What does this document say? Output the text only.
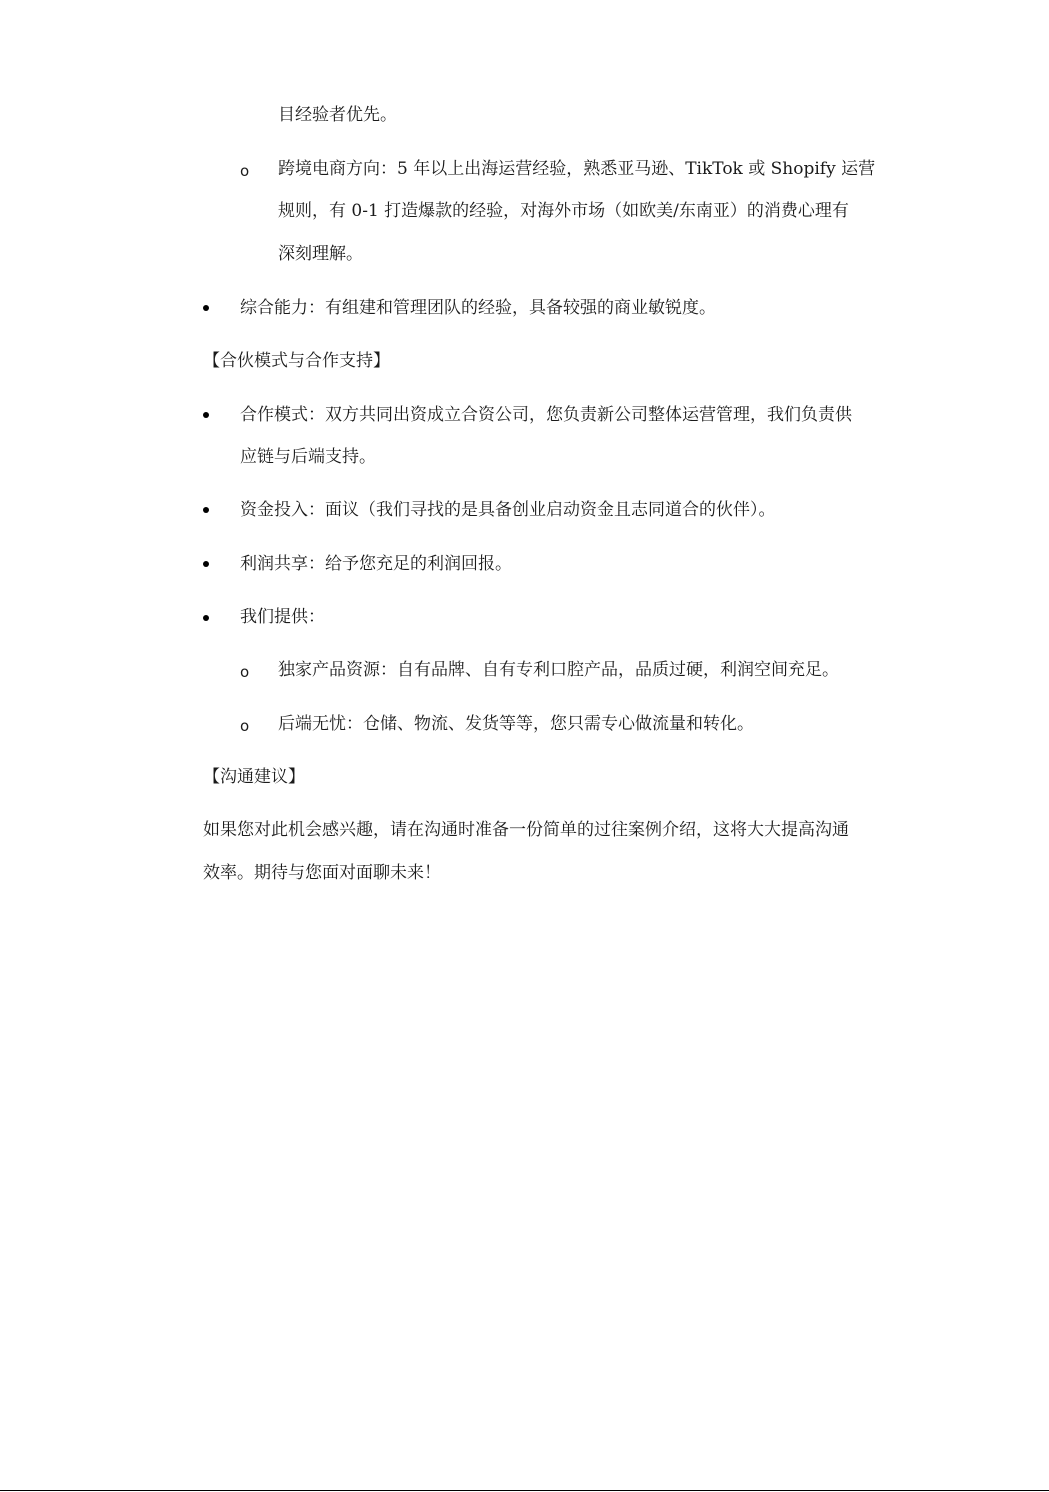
目经验者优先。
o 跨境电商方向：5 年以上出海运营经验，熟悉亚马逊、TikTok 或 Shopify 运营
规则，有 0-1 打造爆款的经验，对海外市场（如欧美/东南亚）的消费心理有
深刻理解。
综合能力：有组建和管理团队的经验，具备较强的商业敏锐度。
【合伙模式与合作支持】
合作模式：双方共同出资成立合资公司，您负责新公司整体运营管理，我们负责供
应链与后端支持。
资金投入：面议（我们寻找的是具备创业启动资金且志同道合的伙伴）。
利润共享：给予您充足的利润回报。
我们提供：
o 独家产品资源：自有品牌、自有专利口腔产品，品质过硬，利润空间充足。
o 后端无忧：仓储、物流、发货等等，您只需专心做流量和转化。
【沟通建议】
如果您对此机会感兴趣，请在沟通时准备一份简单的过往案例介绍，这将大大提高沟通
效率。期待与您面对面聊未来！
